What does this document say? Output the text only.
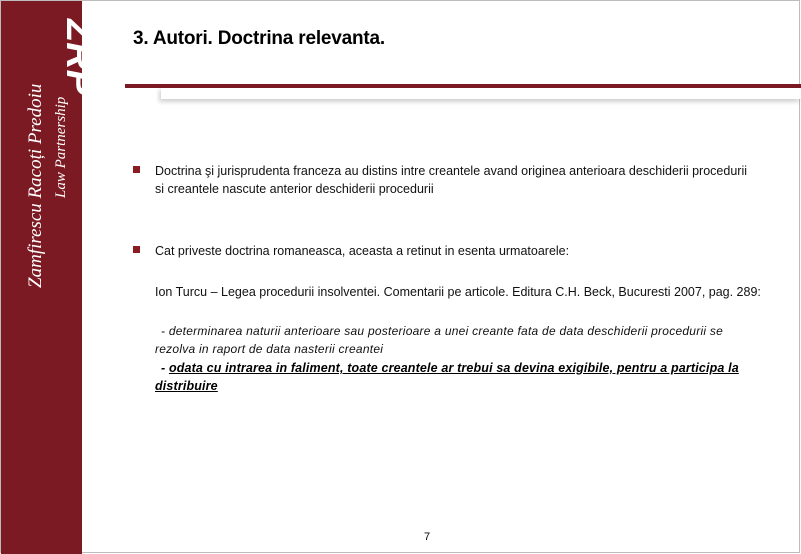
ZRP
Zamfirescu Racoți Predoiu Law Partnership
3. Autori. Doctrina relevanta.
Doctrina şi jurisprudenta franceza au distins intre creantele avand originea anterioara deschiderii procedurii si creantele nascute anterior deschiderii procedurii
Cat priveste doctrina romaneasca, aceasta a retinut in esenta urmatoarele:
Ion Turcu – Legea procedurii insolventei. Comentarii pe articole. Editura C.H. Beck, Bucuresti 2007, pag. 289:
- determinarea naturii anterioare sau posterioare a unei creante fata de data deschiderii procedurii se rezolva in raport de data nasterii creantei
- odata cu intrarea in faliment, toate creantele ar trebui sa devina exigibile, pentru a participa la distribuire
7
